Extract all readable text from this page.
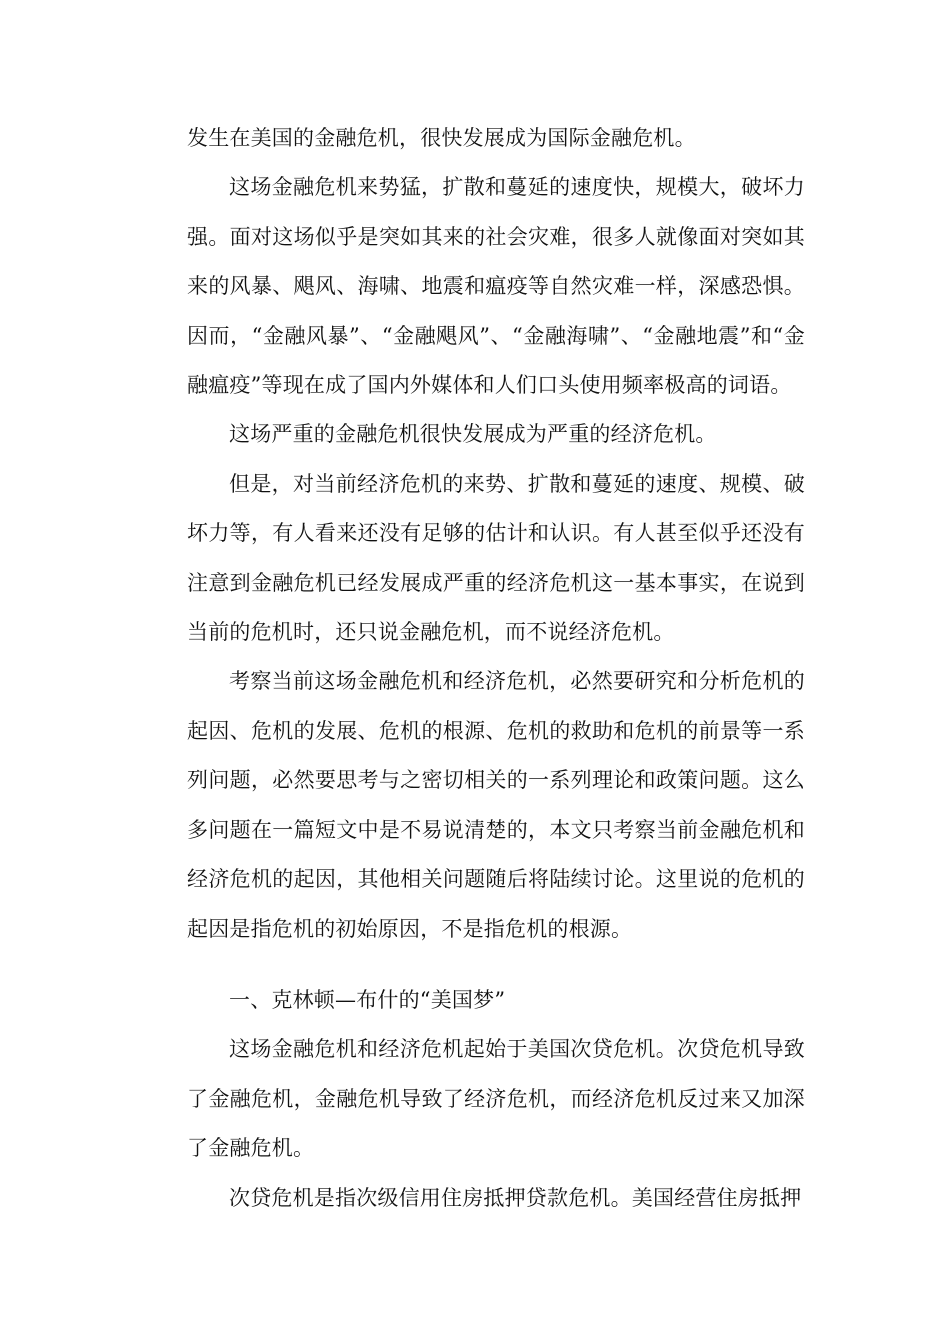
发生在美国的金融危机，很快发展成为国际金融危机。

这场金融危机来势猛，扩散和蔓延的速度快，规模大，破坏力强。面对这场似乎是突如其来的社会灾难，很多人就像面对突如其来的风暴、飓风、海啸、地震和瘟疫等自然灾难一样，深感恐惧。因而，“金融风暴”、“金融飓风”、“金融海啸”、“金融地震”和“金融瘟疫”等现在成了国内外媒体和人们口头使用频率极高的词语。

这场严重的金融危机很快发展成为严重的经济危机。

但是，对当前经济危机的来势、扩散和蔓延的速度、规模、破坏力等，有人看来还没有足够的估计和认识。有人甚至似乎还没有注意到金融危机已经发展成严重的经济危机这一基本事实，在说到当前的危机时，还只说金融危机，而不说经济危机。

考察当前这场金融危机和经济危机，必然要研究和分析危机的起因、危机的发展、危机的根源、危机的救助和危机的前景等一系列问题，必然要思考与之密切相关的一系列理论和政策问题。这么多问题在一篇短文中是不易说清楚的，本文只考察当前金融危机和经济危机的起因，其他相关问题随后将陆续讨论。这里说的危机的起因是指危机的初始原因，不是指危机的根源。

一、克林顿—布什的“美国梦”

这场金融危机和经济危机起始于美国次贷危机。次贷危机导致了金融危机，金融危机导致了经济危机，而经济危机反过来又加深了金融危机。

次贷危机是指次级信用住房抵押贷款危机。美国经营住房抵押
